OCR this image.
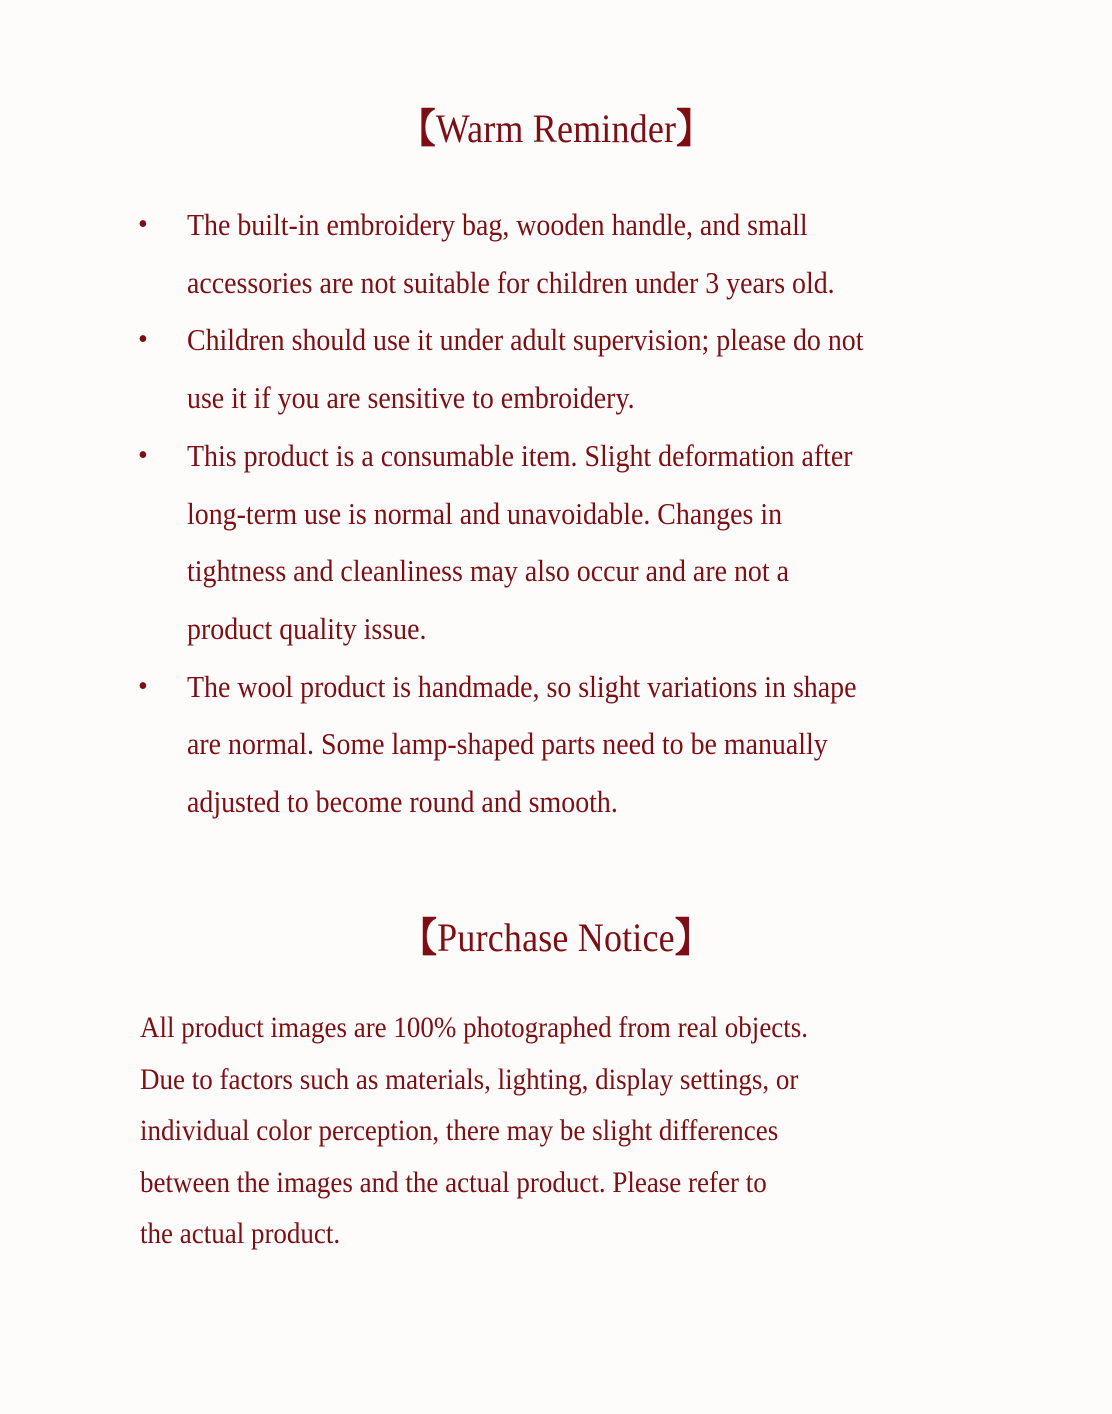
【Warm Reminder】
• The built-in embroidery bag, wooden handle, and small
accessories are not suitable for children under 3 years old.
• Children should use it under adult supervision; please do not
use it if you are sensitive to embroidery.
• This product is a consumable item. Slight deformation after
long-term use is normal and unavoidable. Changes in
tightness and cleanliness may also occur and are not a
product quality issue.
• The wool product is handmade, so slight variations in shape
are normal. Some lamp-shaped parts need to be manually
adjusted to become round and smooth.
【Purchase Notice】
All product images are 100% photographed from real objects.
Due to factors such as materials, lighting, display settings, or
individual color perception, there may be slight differences
between the images and the actual product. Please refer to
the actual product.
